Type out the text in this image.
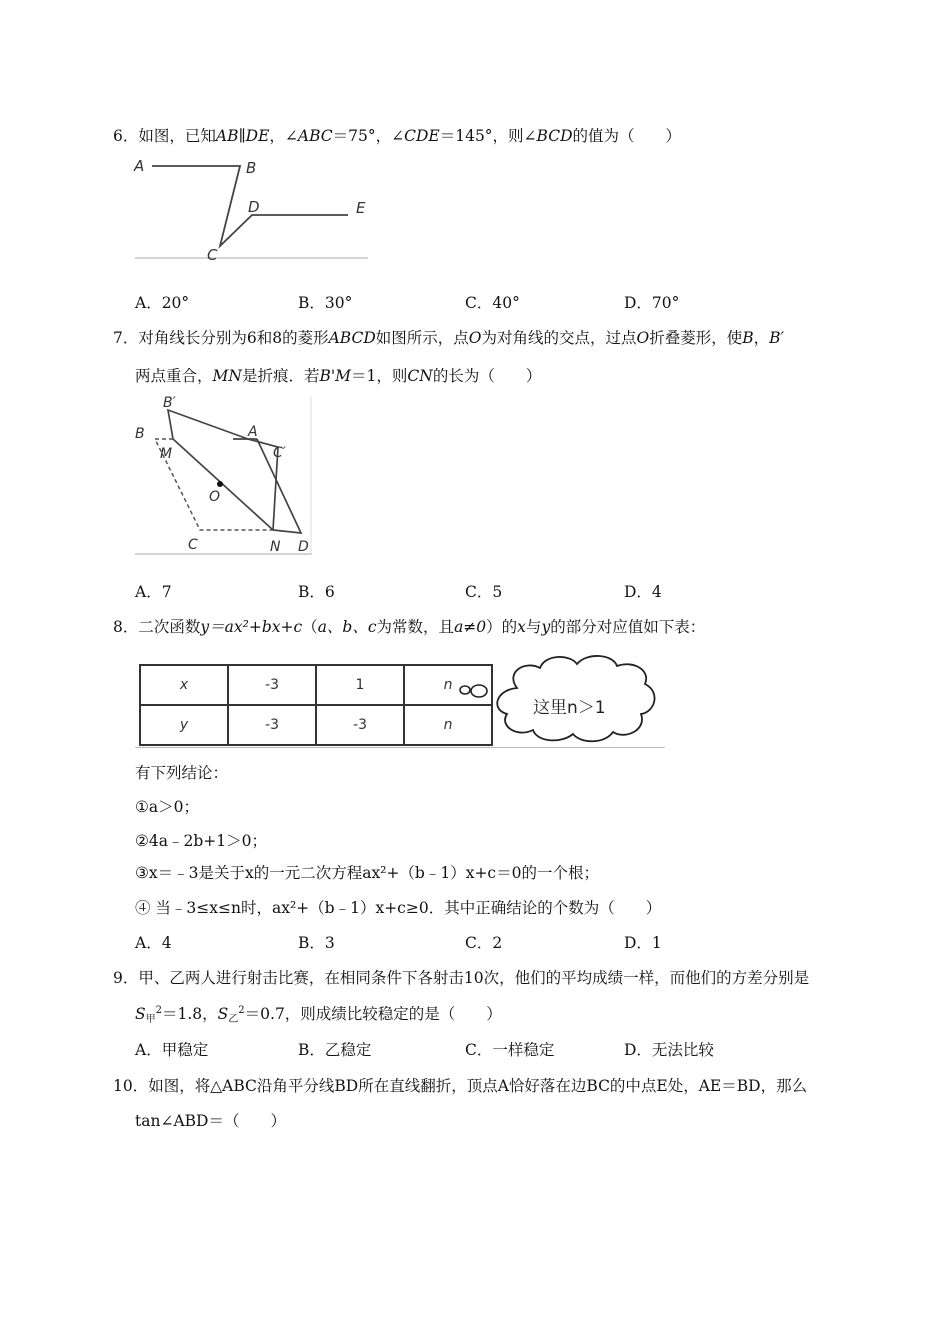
6．如图，已知AB∥DE，∠ABC＝75°，∠CDE＝145°，则∠BCD的值为（　　）
A	B
D	E
C
A．20°	B．30°	C．40°	D．70°
7．对角线长分别为6和8的菱形ABCD如图所示，点O为对角线的交点，过点O折叠菱形，使B，B′
两点重合，MN是折痕．若B'M＝1，则CN的长为（　　）
B′
B	A
M	C′
O
C	N D
A．7	B．6	C．5	D．4
8．二次函数y＝ax²+bx+c（a、b、c为常数，且a≠0）的x与y的部分对应值如下表：
x	-3	1	n
y	-3	-3	n
这里n＞1
有下列结论：
①a＞0；
②4a﹣2b+1＞0；
③x＝﹣3是关于x的一元二次方程ax²+（b﹣1）x+c＝0的一个根；
④ 当﹣3≤x≤n时，ax²+（b﹣1）x+c≥0．其中正确结论的个数为（　　）
A．4	B．3	C．2	D．1
9．甲、乙两人进行射击比赛，在相同条件下各射击10次，他们的平均成绩一样，而他们的方差分别是
$S_甲^2=1.8$，$S_乙^2=0.7$，则成绩比较稳定的是（　　）
A．甲稳定	B．乙稳定	C．一样稳定	D．无法比较
10．如图，将△ABC沿角平分线BD所在直线翻折，顶点A恰好落在边BC的中点E处，AE＝BD，那么
tan∠ABD＝（　　）
